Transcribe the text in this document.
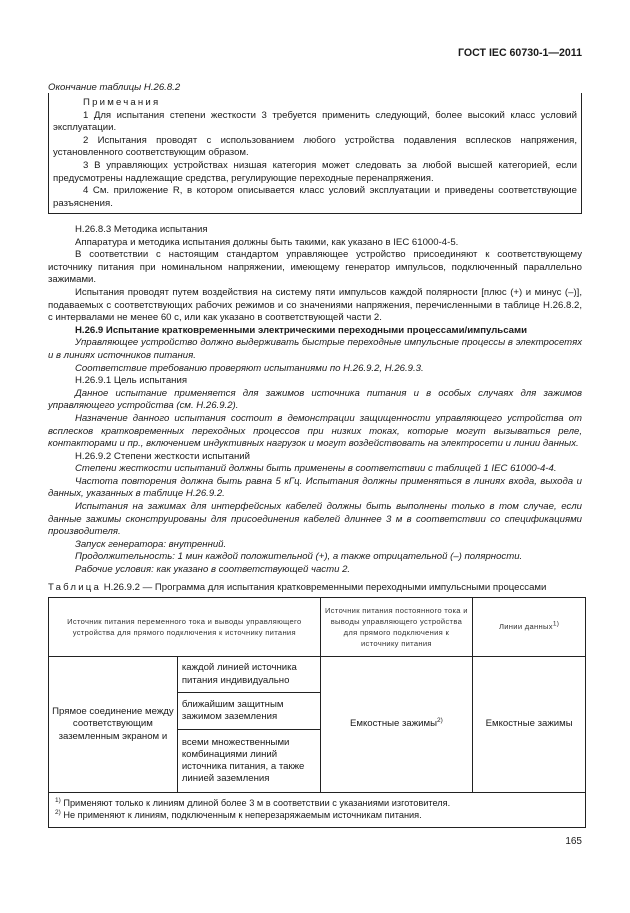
ГОСТ IEC 60730-1—2011
Окончание таблицы Н.26.8.2

Примечания

1 Для испытания степени жесткости 3 требуется применить следующий, более высокий класс условий эксплуатации.

2 Испытания проводят с использованием любого устройства подавления всплесков напряжения, установленного соответствующим образом.

3 В управляющих устройствах низшая категория может следовать за любой высшей категорией, если предусмотрены надлежащие средства, регулирующие переходные перенапряжения.

4 См. приложение R, в котором описывается класс условий эксплуатации и приведены соответствующие разъяснения.

Н.26.8.3 Методика испытания

Аппаратура и методика испытания должны быть такими, как указано в IEC 61000-4-5.

В соответствии с настоящим стандартом управляющее устройство присоединяют к соответствующему источнику питания при номинальном напряжении, имеющему генератор импульсов, подключенный параллельно зажимами.

Испытания проводят путем воздействия на систему пяти импульсов каждой полярности [плюс (+) и минус (–)], подаваемых с соответствующих рабочих режимов и со значениями напряжения, перечисленными в таблице Н.26.8.2, с интервалами не менее 60 с, или как указано в соответствующей части 2.

Н.26.9 Испытание кратковременными электрическими переходными процессами/импульсами

Управляющее устройство должно выдерживать быстрые переходные импульсные процессы в электросетях и в линиях источников питания.

Соответствие требованию проверяют испытаниями по Н.26.9.2, Н.26.9.3.

Н.26.9.1 Цель испытания

Данное испытание применяется для зажимов источника питания и в особых случаях для зажимов управляющего устройства (см. Н.26.9.2).

Назначение данного испытания состоит в демонстрации защищенности управляющего устройства от всплесков кратковременных переходных процессов при низких токах, которые могут вызываться реле, контакторами и пр., включением индуктивных нагрузок и могут воздействовать на электросети и линии данных.

Н.26.9.2 Степени жесткости испытаний

Степени жесткости испытаний должны быть применены в соответствии с таблицей 1 IEC 61000-4-4.

Частота повторения должна быть равна 5 кГц. Испытания должны применяться в линиях входа, выхода и данных, указанных в таблице Н.26.9.2.

Испытания на зажимах для интерфейсных кабелей должны быть выполнены только в том случае, если данные зажимы сконструированы для присоединения кабелей длиннее 3 м в соответствии со спецификациями производителя.

Запуск генератора: внутренний.

Продолжительность: 1 мин каждой положительной (+), а также отрицательной (–) полярности.

Рабочие условия: как указано в соответствующей части 2.

Таблица Н.26.9.2 — Программа для испытания кратковременными переходными импульсными процессами
Источник питания переменного тока и выводы управляющего устройства для прямого подключения к источнику питания		Источник питания постоянного тока и выводы управляющего устройства для прямого подключения к источнику питания	Линии данных$^{1)}$
Прямое соединение между соответствующим заземленным экраном и	каждой линией источника питания индивидуально	Емкостные зажимы$^{2)}$	Емкостные зажимы
	ближайшим защитным зажимом заземления		
	всеми множественными комбинациями линий источника питания, а также линией заземления		

$^{1)}$ Применяют только к линиям длиной более 3 м в соответствии с указаниями изготовителя.
$^{2)}$ Не применяют к линиям, подключенным к неперезаряжаемым источникам питания.			
165
